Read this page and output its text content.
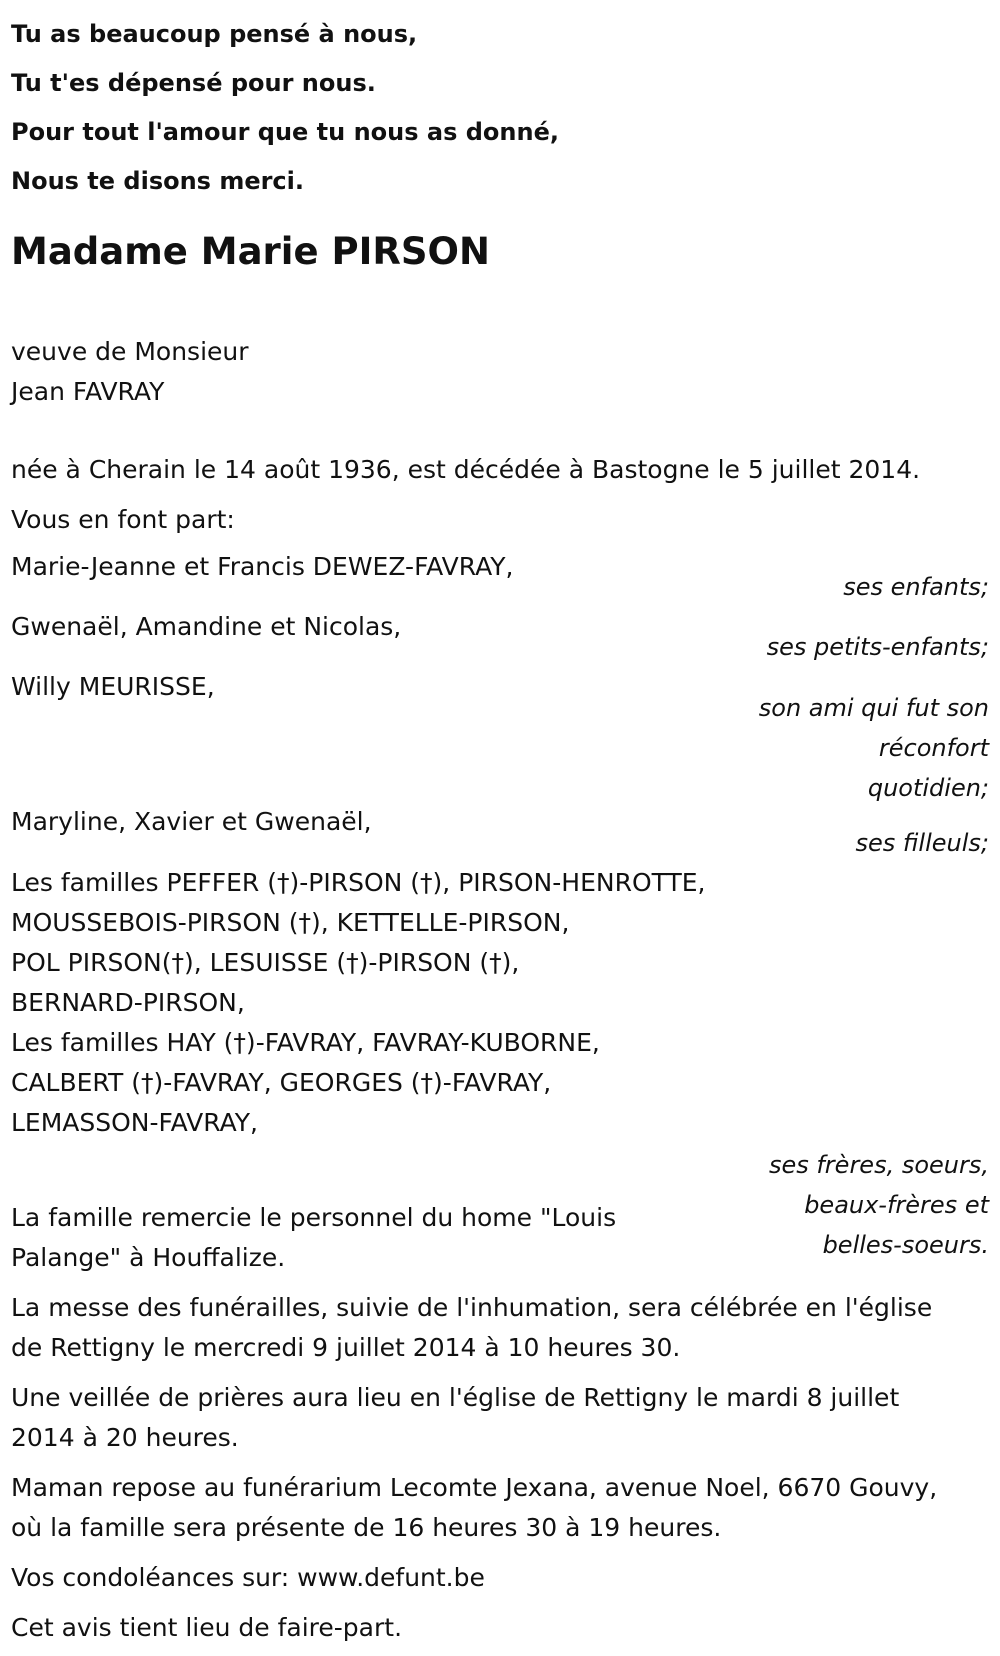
Tu as beaucoup pensé à nous,
Tu t'es dépensé pour nous.
Pour tout l'amour que tu nous as donné,
Nous te disons merci.
Madame Marie PIRSON
veuve de Monsieur
Jean FAVRAY
née à Cherain le 14 août 1936, est décédée à Bastogne le 5 juillet 2014.
Vous en font part:
Marie-Jeanne et Francis DEWEZ-FAVRAY,
ses enfants;
Gwenaël, Amandine et Nicolas,
ses petits-enfants;
Willy MEURISSE,
son ami qui fut son
réconfort
quotidien;
Maryline, Xavier et Gwenaël,
ses filleuls;
Les familles PEFFER (†)-PIRSON (†), PIRSON-HENROTTE,
MOUSSEBOIS-PIRSON (†), KETTELLE-PIRSON,
POL PIRSON(†), LESUISSE (†)-PIRSON (†),
BERNARD-PIRSON,
Les familles HAY (†)-FAVRAY, FAVRAY-KUBORNE,
CALBERT (†)-FAVRAY, GEORGES (†)-FAVRAY,
LEMASSON-FAVRAY,
ses frères, soeurs,
beaux-frères et
belles-soeurs.
La famille remercie le personnel du home "Louis
Palange" à Houffalize.
La messe des funérailles, suivie de l'inhumation, sera célébrée en l'église
de Rettigny le mercredi 9 juillet 2014 à 10 heures 30.
Une veillée de prières aura lieu en l'église de Rettigny le mardi 8 juillet
2014 à 20 heures.
Maman repose au funérarium Lecomte Jexana, avenue Noel, 6670 Gouvy,
où la famille sera présente de 16 heures 30 à 19 heures.
Vos condoléances sur: www.defunt.be
Cet avis tient lieu de faire-part.
